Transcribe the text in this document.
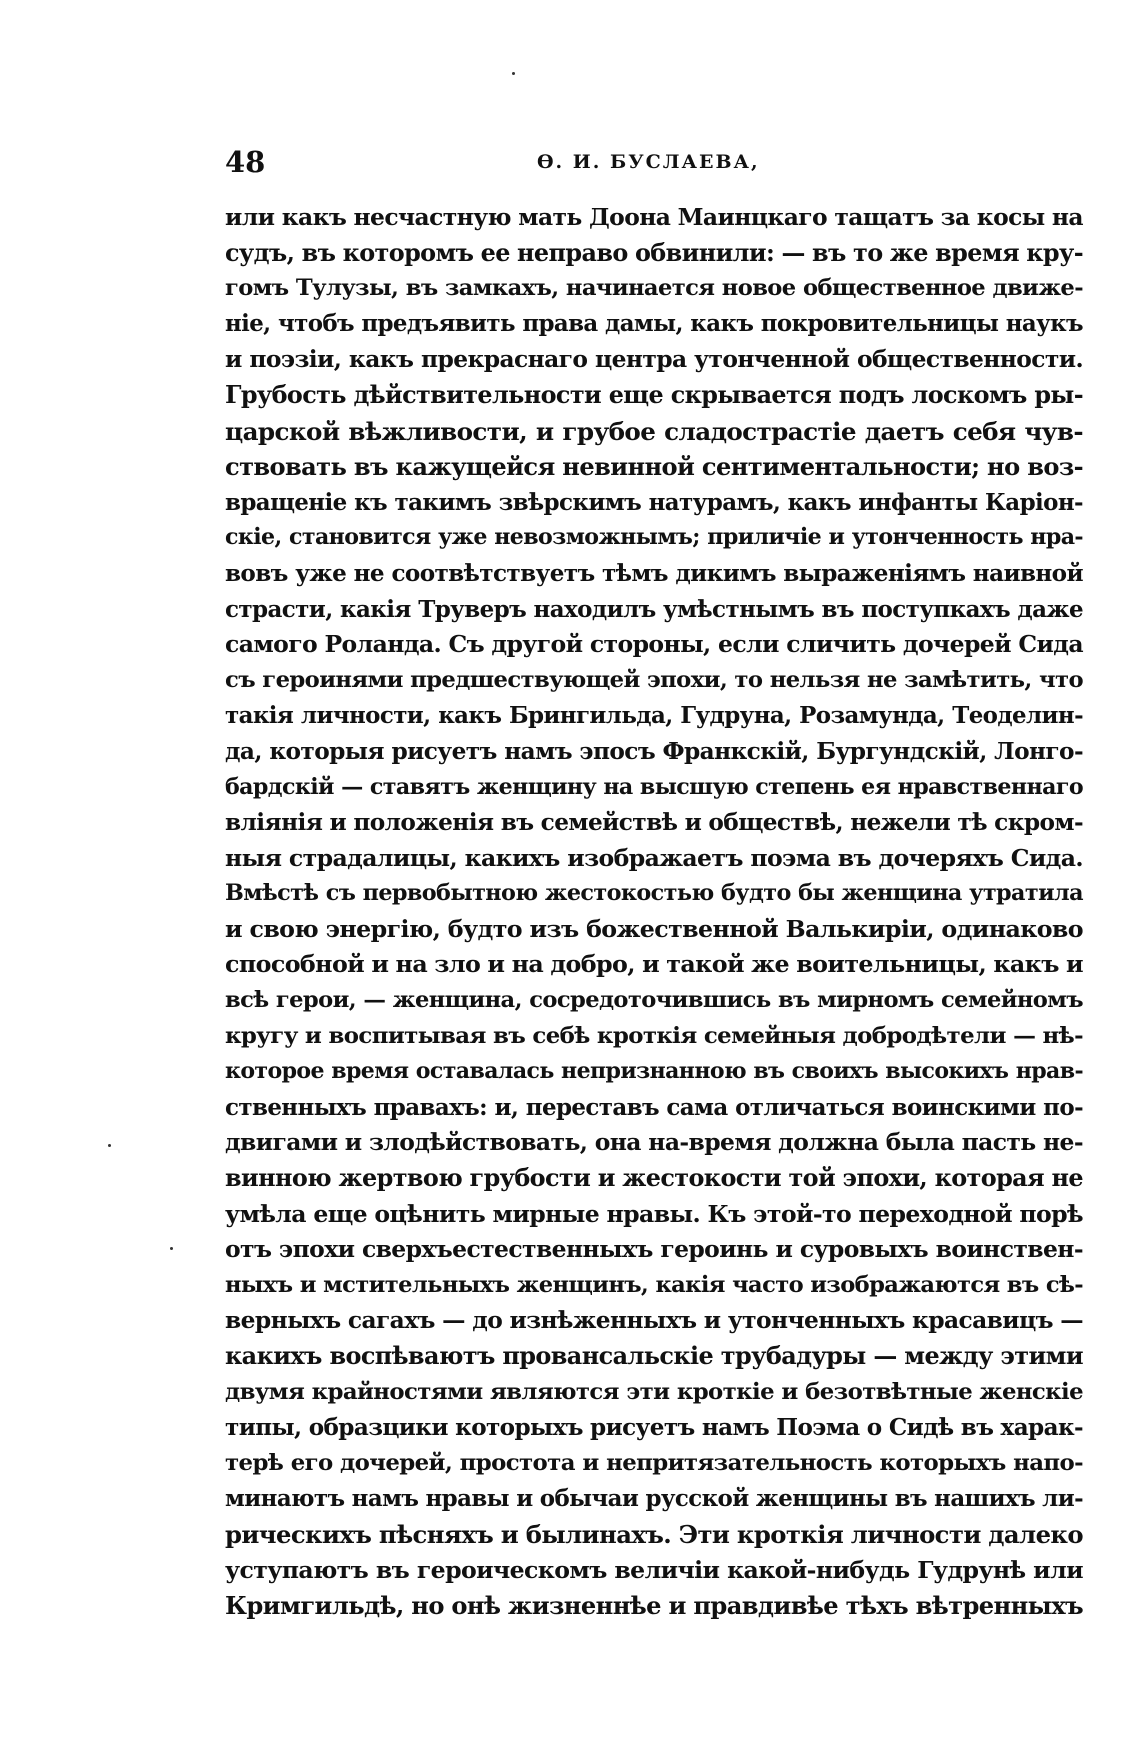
48	Ѳ. И. БУСЛАЕВА,
или какъ несчастную мать Доона Маинцкаго тащатъ за косы на
судъ, въ которомъ ее неправо обвинили: — въ то же время кру-
гомъ Тулузы, въ замкахъ, начинается новое общественное движе-
ніе, чтобъ предъявить права дамы, какъ покровительницы наукъ
и поэзіи, какъ прекраснаго центра утонченной общественности.
Грубость дѣйствительности еще скрывается подъ лоскомъ ры-
царской вѣжливости, и грубое сладострастіе даетъ себя чув-
ствовать въ кажущейся невинной сентиментальности; но воз-
вращеніе къ такимъ звѣрскимъ натурамъ, какъ инфанты Каріон-
скіе, становится уже невозможнымъ; приличіе и утонченность нра-
вовъ уже не соотвѣтствуетъ тѣмъ дикимъ выраженіямъ наивной
страсти, какія Труверъ находилъ умѣстнымъ въ поступкахъ даже
самого Роланда. Съ другой стороны, если сличить дочерей Сида
съ героинями предшествующей эпохи, то нельзя не замѣтить, что
такія личности, какъ Брингильда, Гудруна, Розамунда, Теоделин-
да, которыя рисуетъ намъ эпосъ Франкскій, Бургундскій, Лонго-
бардскій — ставятъ женщину на высшую степень ея нравственнаго
вліянія и положенія въ семействѣ и обществѣ, нежели тѣ скром-
ныя страдалицы, какихъ изображаетъ поэма въ дочеряхъ Сида.
Вмѣстѣ съ первобытною жестокостью будто бы женщина утратила
и свою энергію, будто изъ божественной Валькиріи, одинаково
способной и на зло и на добро, и такой же воительницы, какъ и
всѣ герои, — женщина, сосредоточившись въ мирномъ семейномъ
кругу и воспитывая въ себѣ кроткія семейныя добродѣтели — нѣ-
которое время оставалась непризнанною въ своихъ высокихъ нрав-
ственныхъ правахъ: и, переставъ сама отличаться воинскими по-
двигами и злодѣйствовать, она на-время должна была пасть не-
винною жертвою грубости и жестокости той эпохи, которая не
умѣла еще оцѣнить мирные нравы. Къ этой-то переходной порѣ
отъ эпохи сверхъестественныхъ героинь и суровыхъ воинствен-
ныхъ и мстительныхъ женщинъ, какія часто изображаются въ сѣ-
верныхъ сагахъ — до изнѣженныхъ и утонченныхъ красавицъ —
какихъ воспѣваютъ провансальскіе трубадуры — между этими
двумя крайностями являются эти кроткіе и безотвѣтные женскіе
типы, образцики которыхъ рисуетъ намъ Поэма о Сидѣ въ харак-
терѣ его дочерей, простота и непритязательность которыхъ напо-
минаютъ намъ нравы и обычаи русской женщины въ нашихъ ли-
рическихъ пѣсняхъ и былинахъ. Эти кроткія личности далеко
уступаютъ въ героическомъ величіи какой-нибудь Гудрунѣ или
Кримгильдѣ, но онѣ жизненнѣе и правдивѣе тѣхъ вѣтренныхъ
